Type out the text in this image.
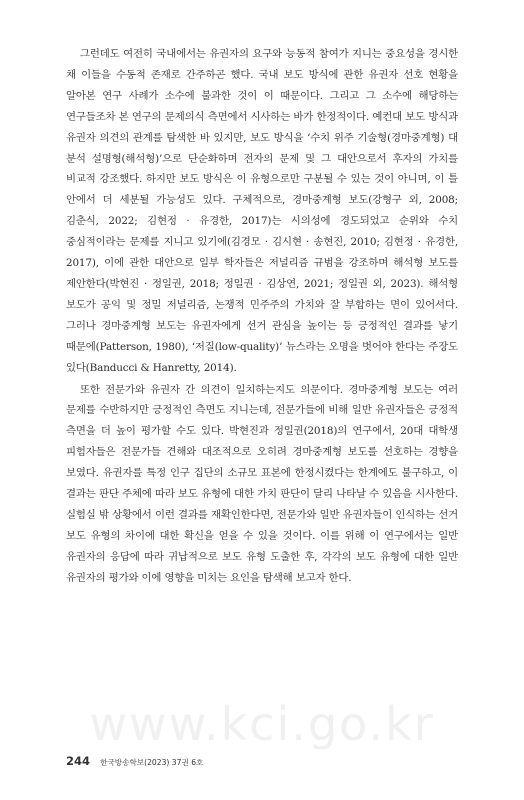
그런데도 여전히 국내에서는 유권자의 요구와 능동적 참여가 지니는 중요성을 경시한 채 이들을 수동적 존재로 간주하곤 했다. 국내 보도 방식에 관한 유권자 선호 현황을 알아본 연구 사례가 소수에 불과한 것이 이 때문이다. 그리고 그 소수에 해당하는 연구들조차 본 연구의 문제의식 측면에서 시사하는 바가 한정적이다. 예컨대 보도 방식과 유권자 의견의 관계를 탐색한 바 있지만, 보도 방식을 ‘수치 위주 기술형(경마중계형) 대 분석 설명형(해석형)’으로 단순화하며 전자의 문제 및 그 대안으로서 후자의 가치를 비교적 강조했다. 하지만 보도 방식은 이 유형으로만 구분될 수 있는 것이 아니며, 이 틀 안에서 더 세분될 가능성도 있다. 구체적으로, 경마중계형 보도(강형구 외, 2008; 김춘식, 2022; 김현정 · 유경한, 2017)는 시의성에 경도되었고 순위와 수치 중심적이라는 문제를 지니고 있기에(김경모 · 김시현 · 송현진, 2010; 김현정 · 유경한, 2017), 이에 관한 대안으로 일부 학자들은 저널리즘 규범을 강조하며 해석형 보도를 제안한다(박현진 · 정일권, 2018; 정일권 · 김상연, 2021; 정일권 외, 2023). 해석형 보도가 공익 및 정밀 저널리즘, 논쟁적 민주주의 가치와 잘 부합하는 면이 있어서다. 그러나 경마중계형 보도는 유권자에게 선거 관심을 높이는 등 긍정적인 결과를 낳기 때문에(Patterson, 1980), ‘저질(low-quality)’ 뉴스라는 오명을 벗어야 한다는 주장도 있다(Banducci & Hanretty, 2014).

또한 전문가와 유권자 간 의견이 일치하는지도 의문이다. 경마중계형 보도는 여러 문제를 수반하지만 긍정적인 측면도 지니는데, 전문가들에 비해 일반 유권자들은 긍정적 측면을 더 높이 평가할 수도 있다. 박현진과 정일권(2018)의 연구에서, 20대 대학생 피험자들은 전문가들 견해와 대조적으로 오히려 경마중계형 보도를 선호하는 경향을 보였다. 유권자를 특정 인구 집단의 소규모 표본에 한정시켰다는 한계에도 불구하고, 이 결과는 판단 주체에 따라 보도 유형에 대한 가치 판단이 달리 나타날 수 있음을 시사한다. 실험실 밖 상황에서 이런 결과를 재확인한다면, 전문가와 일반 유권자들이 인식하는 선거 보도 유형의 차이에 대한 확신을 얻을 수 있을 것이다. 이를 위해 이 연구에서는 일반 유권자의 응답에 따라 귀납적으로 보도 유형 도출한 후, 각각의 보도 유형에 대한 일반 유권자의 평가와 이에 영향을 미치는 요인을 탐색해 보고자 한다.

www.kci.go.kr
244 한국방송학보(2023) 37권 6호
